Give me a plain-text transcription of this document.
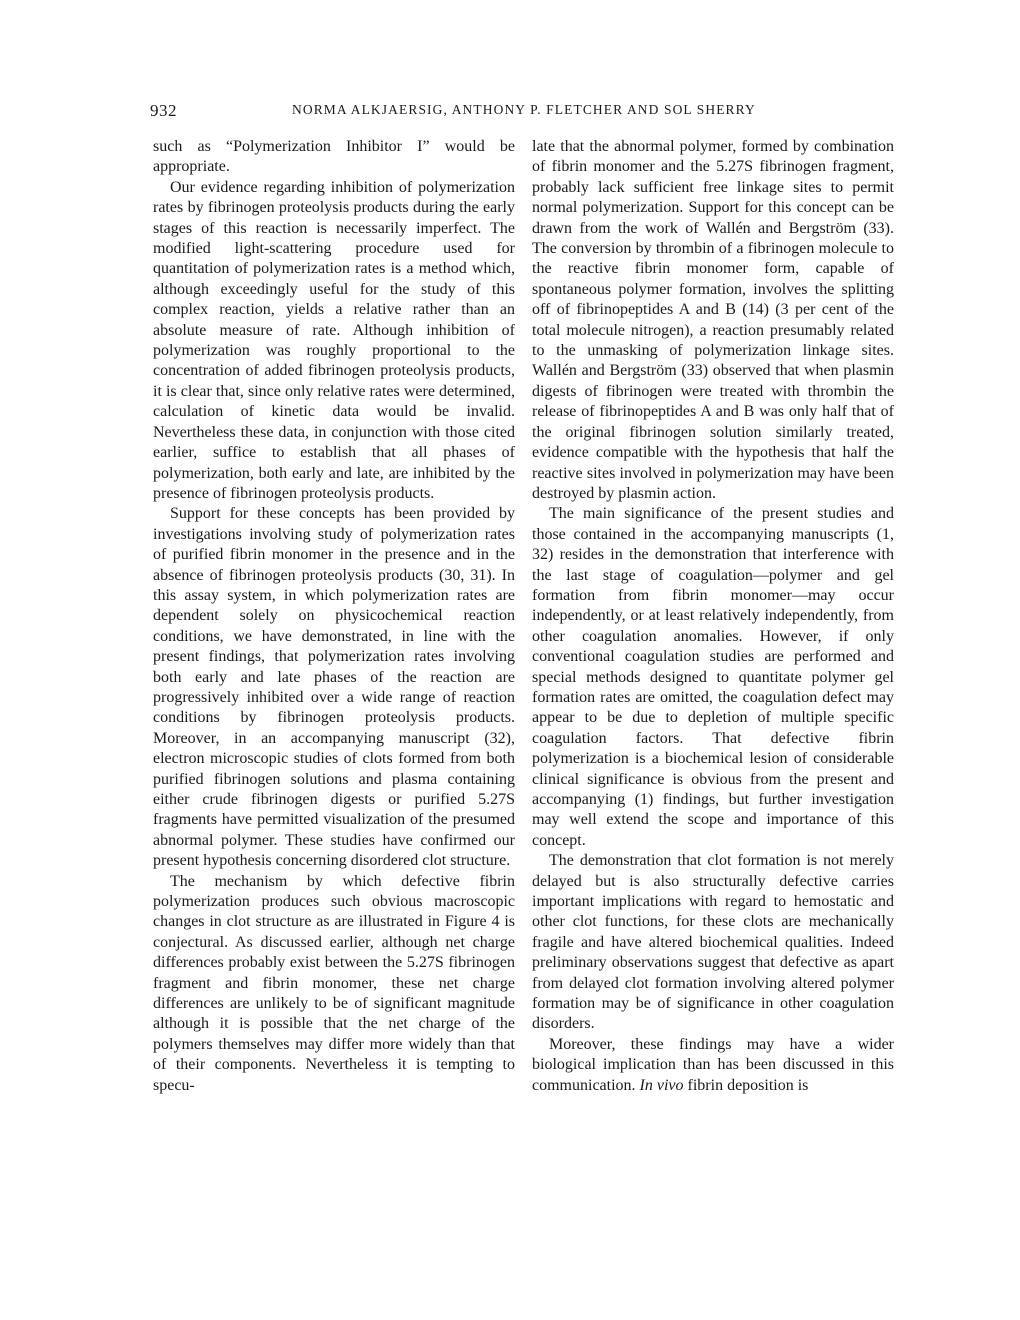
932	NORMA ALKJAERSIG, ANTHONY P. FLETCHER AND SOL SHERRY

such as “Polymerization Inhibitor I” would be appropriate.

Our evidence regarding inhibition of polymerization rates by fibrinogen proteolysis products during the early stages of this reaction is necessarily imperfect. The modified light-scattering procedure used for quantitation of polymerization rates is a method which, although exceedingly useful for the study of this complex reaction, yields a relative rather than an absolute measure of rate. Although inhibition of polymerization was roughly proportional to the concentration of added fibrinogen proteolysis products, it is clear that, since only relative rates were determined, calculation of kinetic data would be invalid. Nevertheless these data, in conjunction with those cited earlier, suffice to establish that all phases of polymerization, both early and late, are inhibited by the presence of fibrinogen proteolysis products.

Support for these concepts has been provided by investigations involving study of polymerization rates of purified fibrin monomer in the presence and in the absence of fibrinogen proteolysis products (30, 31). In this assay system, in which polymerization rates are dependent solely on physicochemical reaction conditions, we have demonstrated, in line with the present findings, that polymerization rates involving both early and late phases of the reaction are progressively inhibited over a wide range of reaction conditions by fibrinogen proteolysis products. Moreover, in an accompanying manuscript (32), electron microscopic studies of clots formed from both purified fibrinogen solutions and plasma containing either crude fibrinogen digests or purified 5.27S fragments have permitted visualization of the presumed abnormal polymer. These studies have confirmed our present hypothesis concerning disordered clot structure.

The mechanism by which defective fibrin polymerization produces such obvious macroscopic changes in clot structure as are illustrated in Figure 4 is conjectural. As discussed earlier, although net charge differences probably exist between the 5.27S fibrinogen fragment and fibrin monomer, these net charge differences are unlikely to be of significant magnitude although it is possible that the net charge of the polymers themselves may differ more widely than that of their components. Nevertheless it is tempting to specu-

late that the abnormal polymer, formed by combination of fibrin monomer and the 5.27S fibrinogen fragment, probably lack sufficient free linkage sites to permit normal polymerization. Support for this concept can be drawn from the work of Wallén and Bergström (33). The conversion by thrombin of a fibrinogen molecule to the reactive fibrin monomer form, capable of spontaneous polymer formation, involves the splitting off of fibrinopeptides A and B (14) (3 per cent of the total molecule nitrogen), a reaction presumably related to the unmasking of polymerization linkage sites. Wallén and Bergström (33) observed that when plasmin digests of fibrinogen were treated with thrombin the release of fibrinopeptides A and B was only half that of the original fibrinogen solution similarly treated, evidence compatible with the hypothesis that half the reactive sites involved in polymerization may have been destroyed by plasmin action.

The main significance of the present studies and those contained in the accompanying manuscripts (1, 32) resides in the demonstration that interference with the last stage of coagulation—polymer and gel formation from fibrin monomer—may occur independently, or at least relatively independently, from other coagulation anomalies. However, if only conventional coagulation studies are performed and special methods designed to quantitate polymer gel formation rates are omitted, the coagulation defect may appear to be due to depletion of multiple specific coagulation factors. That defective fibrin polymerization is a biochemical lesion of considerable clinical significance is obvious from the present and accompanying (1) findings, but further investigation may well extend the scope and importance of this concept.

The demonstration that clot formation is not merely delayed but is also structurally defective carries important implications with regard to hemostatic and other clot functions, for these clots are mechanically fragile and have altered biochemical qualities. Indeed preliminary observations suggest that defective as apart from delayed clot formation involving altered polymer formation may be of significance in other coagulation disorders.

Moreover, these findings may have a wider biological implication than has been discussed in this communication. In vivo fibrin deposition is
